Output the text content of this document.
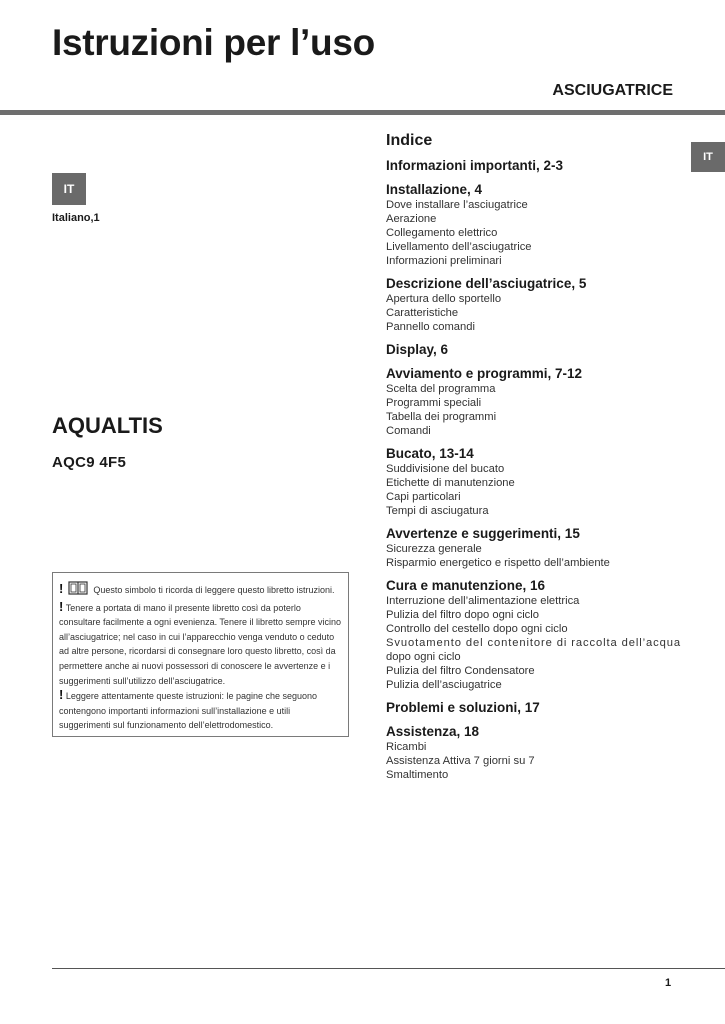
Istruzioni per l’uso
ASCIUGATRICE
IT
IT
Italiano,1
AQUALTIS
AQC9 4F5

!	Questo simbolo ti ricorda di leggere questo libretto istruzioni.

! Tenere a portata di mano il presente libretto così da poterlo consultare facilmente a ogni evenienza. Tenere il libretto sempre vicino all’asciugatrice; nel caso in cui l’apparecchio venga venduto o ceduto ad altre persone, ricordarsi di consegnare loro questo libretto, così da permettere anche ai nuovi possessori di conoscere le avvertenze e i suggerimenti sull’utilizzo dell’asciugatrice.

! Leggere attentamente queste istruzioni: le pagine che seguono contengono importanti informazioni sull’installazione e utili suggerimenti sul funzionamento dell’elettrodomestico.

Indice
Informazioni importanti, 2-3
Installazione, 4
Dove installare l’asciugatrice
Aerazione
Collegamento elettrico
Livellamento dell’asciugatrice
Informazioni preliminari
Descrizione dell’asciugatrice, 5
Apertura dello sportello
Caratteristiche
Pannello comandi
Display, 6
Avviamento e programmi, 7-12
Scelta del programma
Programmi speciali
Tabella dei programmi
Comandi
Bucato, 13-14
Suddivisione del bucato
Etichette di manutenzione
Capi particolari
Tempi di asciugatura
Avvertenze e suggerimenti, 15
Sicurezza generale
Risparmio energetico e rispetto dell’ambiente
Cura e manutenzione, 16
Interruzione dell’alimentazione elettrica
Pulizia del filtro dopo ogni ciclo
Controllo del cestello dopo ogni ciclo
Svuotamento del contenitore di raccolta dell’acqua
dopo ogni ciclo
Pulizia del filtro Condensatore
Pulizia dell’asciugatrice
Problemi e soluzioni, 17
Assistenza, 18
Ricambi
Assistenza Attiva 7 giorni su 7
Smaltimento
1
